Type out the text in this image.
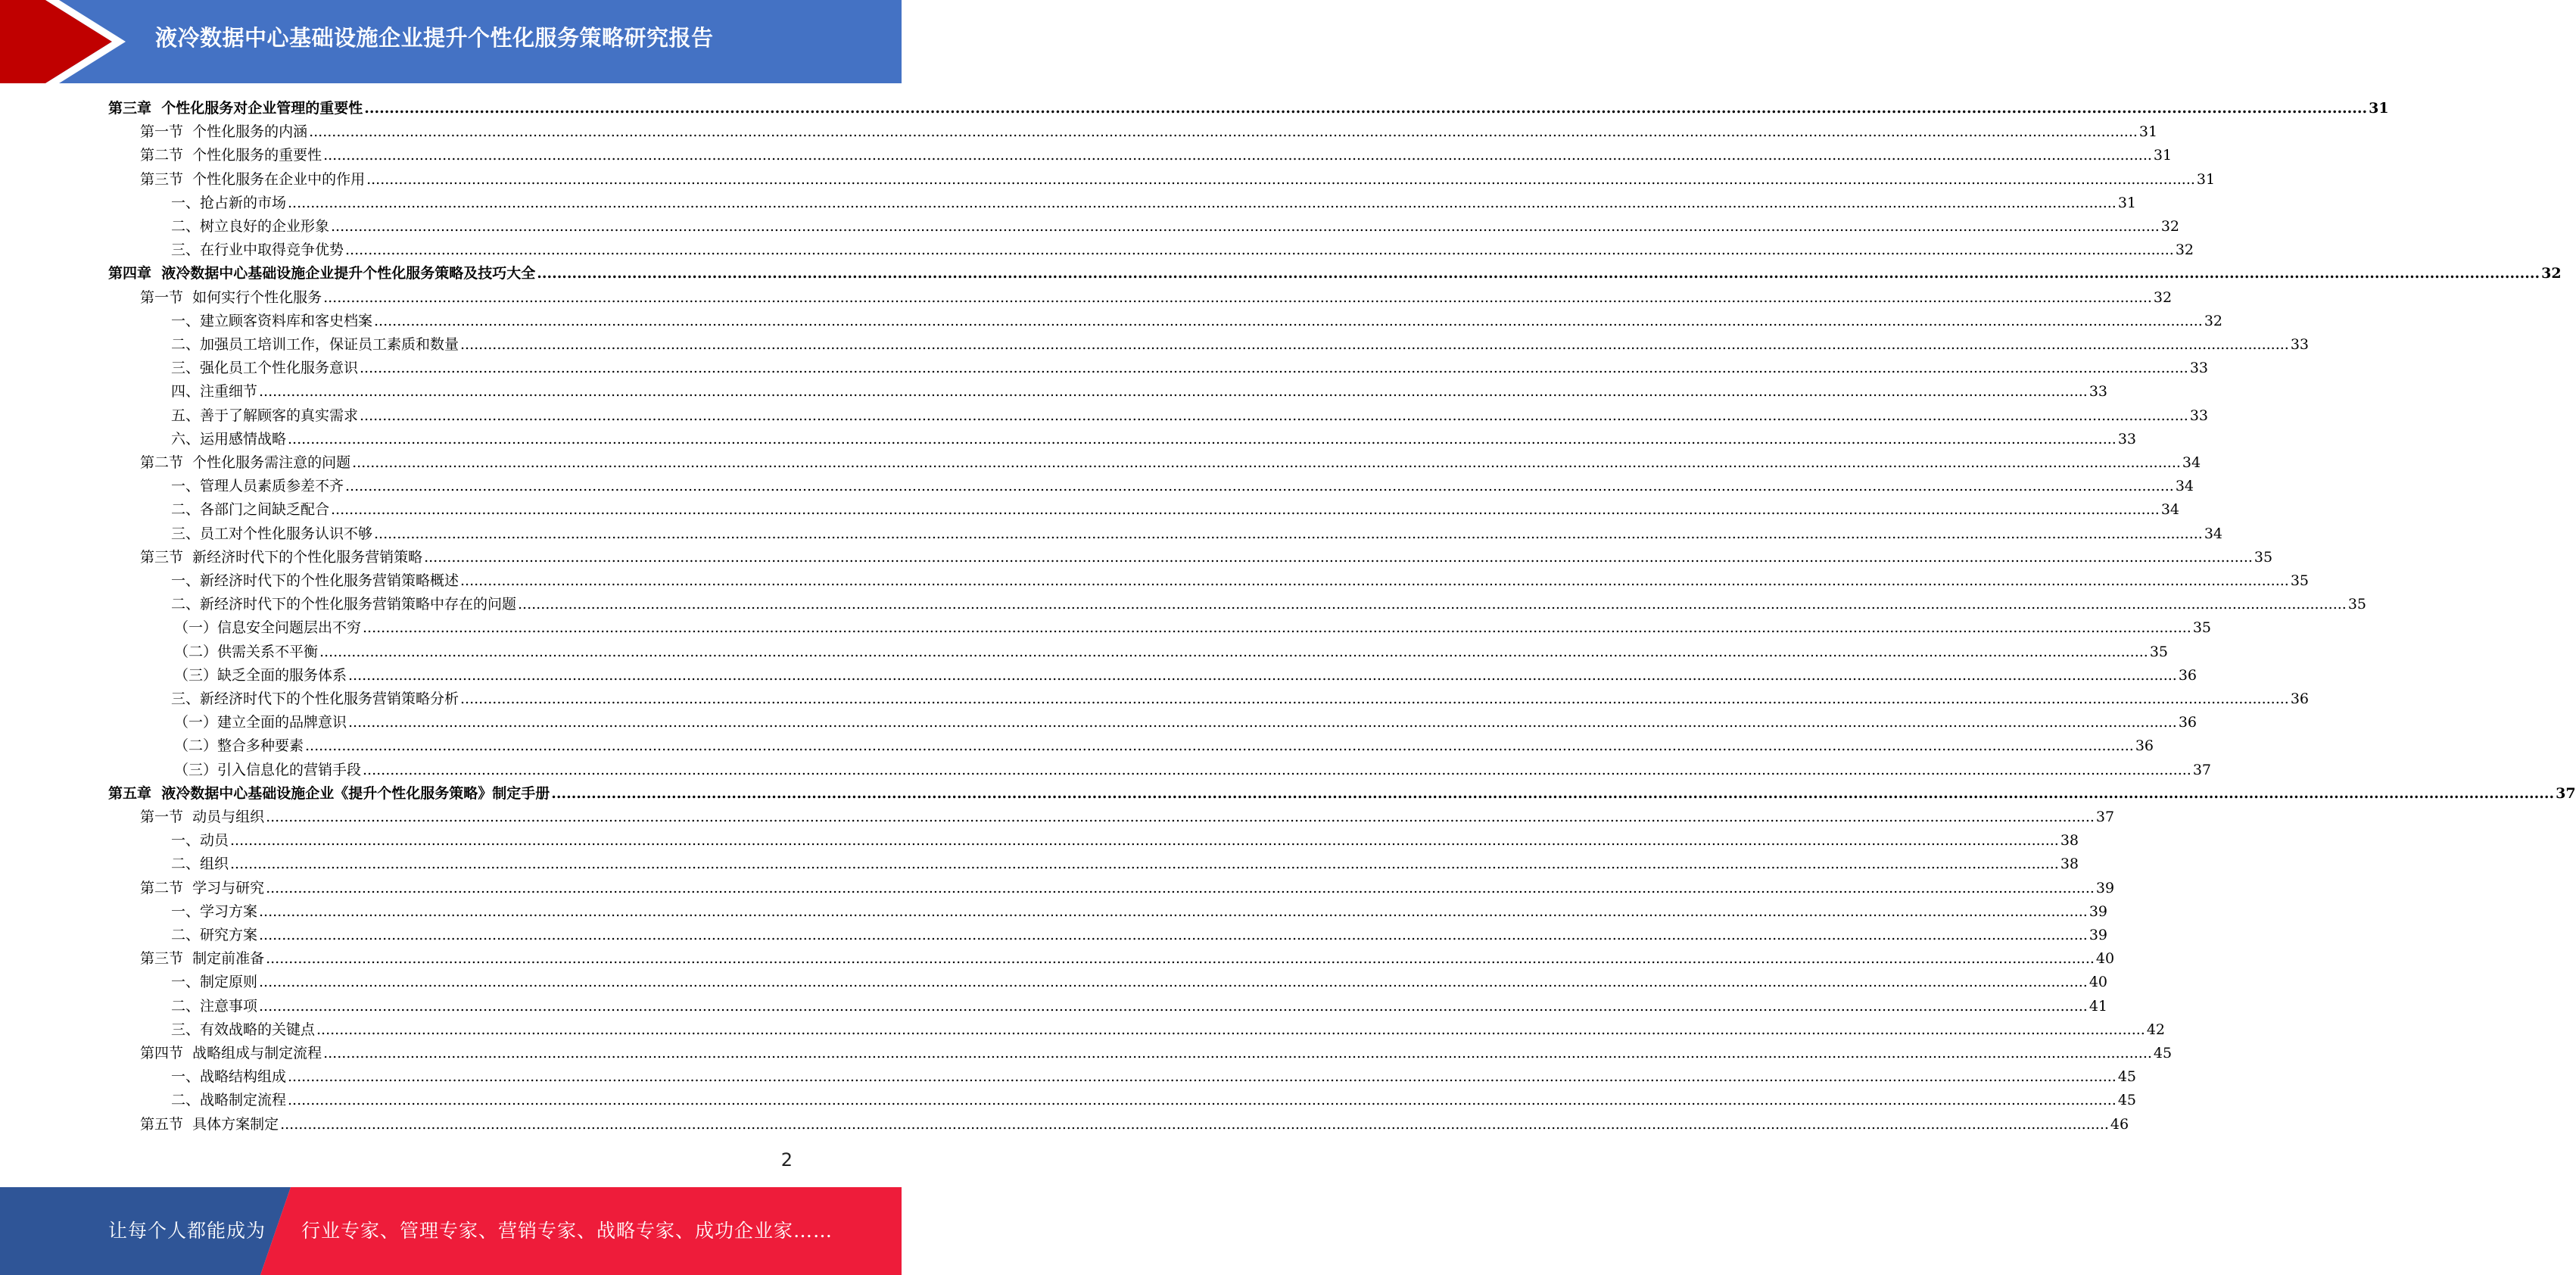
液冷数据中心基础设施企业提升个性化服务策略研究报告
第三章  个性化服务对企业管理的重要性 ................................................................................................................................................................................................................................................................................................................................................................................................................ 31
第一节  个性化服务的内涵 ................................................................................................................................................................................................................................................................................................................................................................................................................ 31
第二节  个性化服务的重要性 ................................................................................................................................................................................................................................................................................................................................................................................................................ 31
第三节  个性化服务在企业中的作用 ................................................................................................................................................................................................................................................................................................................................................................................................................ 31
一、抢占新的市场 ................................................................................................................................................................................................................................................................................................................................................................................................................ 31
二、树立良好的企业形象 ................................................................................................................................................................................................................................................................................................................................................................................................................ 32
三、在行业中取得竞争优势 ................................................................................................................................................................................................................................................................................................................................................................................................................ 32
第四章  液冷数据中心基础设施企业提升个性化服务策略及技巧大全 ................................................................................................................................................................................................................................................................................................................................................................................................................ 32
第一节  如何实行个性化服务 ................................................................................................................................................................................................................................................................................................................................................................................................................ 32
一、建立顾客资料库和客史档案 ................................................................................................................................................................................................................................................................................................................................................................................................................ 32
二、加强员工培训工作，保证员工素质和数量 ................................................................................................................................................................................................................................................................................................................................................................................................................ 33
三、强化员工个性化服务意识 ................................................................................................................................................................................................................................................................................................................................................................................................................ 33
四、注重细节 ................................................................................................................................................................................................................................................................................................................................................................................................................ 33
五、善于了解顾客的真实需求 ................................................................................................................................................................................................................................................................................................................................................................................................................ 33
六、运用感情战略 ................................................................................................................................................................................................................................................................................................................................................................................................................ 33
第二节  个性化服务需注意的问题 ................................................................................................................................................................................................................................................................................................................................................................................................................ 34
一、管理人员素质参差不齐 ................................................................................................................................................................................................................................................................................................................................................................................................................ 34
二、各部门之间缺乏配合 ................................................................................................................................................................................................................................................................................................................................................................................................................ 34
三、员工对个性化服务认识不够 ................................................................................................................................................................................................................................................................................................................................................................................................................ 34
第三节  新经济时代下的个性化服务营销策略 ................................................................................................................................................................................................................................................................................................................................................................................................................ 35
一、新经济时代下的个性化服务营销策略概述 ................................................................................................................................................................................................................................................................................................................................................................................................................ 35
二、新经济时代下的个性化服务营销策略中存在的问题 ................................................................................................................................................................................................................................................................................................................................................................................................................ 35
（一）信息安全问题层出不穷 ................................................................................................................................................................................................................................................................................................................................................................................................................ 35
（二）供需关系不平衡 ................................................................................................................................................................................................................................................................................................................................................................................................................ 35
（三）缺乏全面的服务体系 ................................................................................................................................................................................................................................................................................................................................................................................................................ 36
三、新经济时代下的个性化服务营销策略分析 ................................................................................................................................................................................................................................................................................................................................................................................................................ 36
（一）建立全面的品牌意识 ................................................................................................................................................................................................................................................................................................................................................................................................................ 36
（二）整合多种要素 ................................................................................................................................................................................................................................................................................................................................................................................................................ 36
（三）引入信息化的营销手段 ................................................................................................................................................................................................................................................................................................................................................................................................................ 37
第五章  液冷数据中心基础设施企业《提升个性化服务策略》制定手册 ................................................................................................................................................................................................................................................................................................................................................................................................................ 37
第一节  动员与组织 ................................................................................................................................................................................................................................................................................................................................................................................................................ 37
一、动员 ................................................................................................................................................................................................................................................................................................................................................................................................................ 38
二、组织 ................................................................................................................................................................................................................................................................................................................................................................................................................ 38
第二节  学习与研究 ................................................................................................................................................................................................................................................................................................................................................................................................................ 39
一、学习方案 ................................................................................................................................................................................................................................................................................................................................................................................................................ 39
二、研究方案 ................................................................................................................................................................................................................................................................................................................................................................................................................ 39
第三节  制定前准备 ................................................................................................................................................................................................................................................................................................................................................................................................................ 40
一、制定原则 ................................................................................................................................................................................................................................................................................................................................................................................................................ 40
二、注意事项 ................................................................................................................................................................................................................................................................................................................................................................................................................ 41
三、有效战略的关键点 ................................................................................................................................................................................................................................................................................................................................................................................................................ 42
第四节  战略组成与制定流程 ................................................................................................................................................................................................................................................................................................................................................................................................................ 45
一、战略结构组成 ................................................................................................................................................................................................................................................................................................................................................................................................................ 45
二、战略制定流程 ................................................................................................................................................................................................................................................................................................................................................................................................................ 45
第五节  具体方案制定 ................................................................................................................................................................................................................................................................................................................................................................................................................ 46
2
让每个人都能成为 行业专家、管理专家、营销专家、战略专家、成功企业家……
